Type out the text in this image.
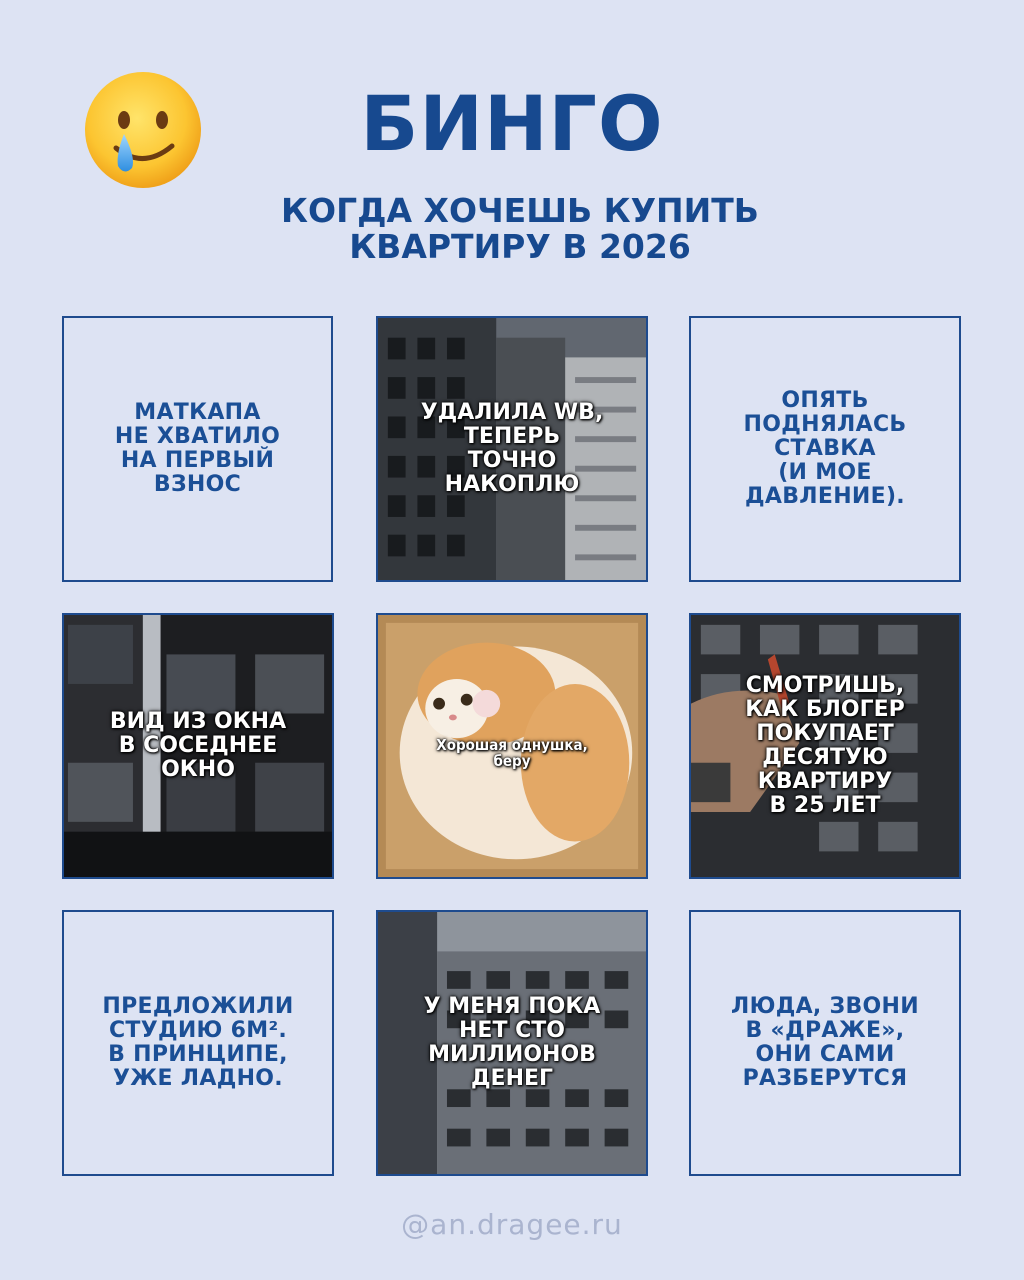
БИНГО
КОГДА ХОЧЕШЬ КУПИТЬ
КВАРТИРУ В 2026
МАТКАПА
НЕ ХВАТИЛО
НА ПЕРВЫЙ
ВЗНОС
УДАЛИЛА WB,
ТЕПЕРЬ
ТОЧНО
НАКОПЛЮ
ОПЯТЬ
ПОДНЯЛАСЬ
СТАВКА
(И МОЕ
ДАВЛЕНИЕ).
ВИД ИЗ ОКНА
В СОСЕДНЕЕ
ОКНО
Хорошая однушка,
беру
СМОТРИШЬ,
КАК БЛОГЕР
ПОКУПАЕТ
ДЕСЯТУЮ
КВАРТИРУ
В 25 ЛЕТ
ПРЕДЛОЖИЛИ
СТУДИЮ 6М².
В ПРИНЦИПЕ,
УЖЕ ЛАДНО.
У МЕНЯ ПОКА
НЕТ СТО
МИЛЛИОНОВ
ДЕНЕГ
ЛЮДА, ЗВОНИ
В «ДРАЖЕ»,
ОНИ САМИ
РАЗБЕРУТСЯ
@an.dragee.ru
